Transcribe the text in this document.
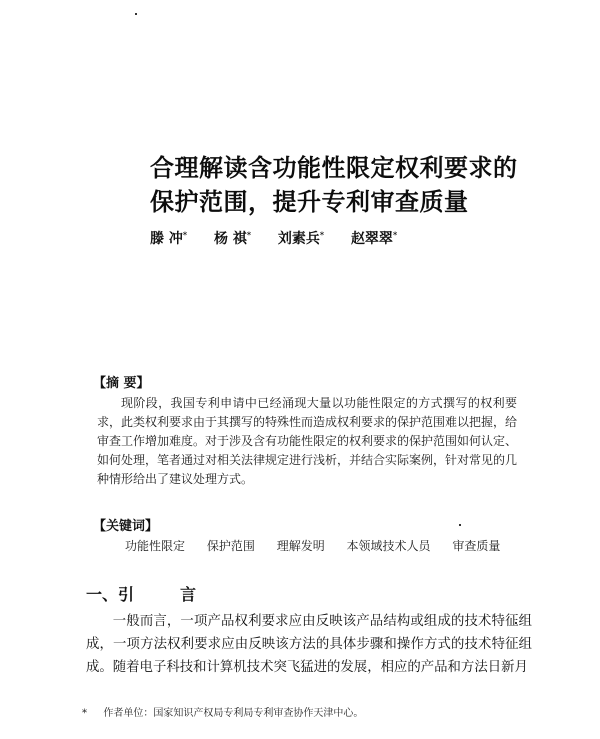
合理解读含功能性限定权利要求的
保护范围，提升专利审查质量
滕 冲* 杨 祺* 刘素兵* 赵翠翠*
【摘 要】
现阶段，我国专利申请中已经涌现大量以功能性限定的方式撰写的权利要求，此类权利要求由于其撰写的特殊性而造成权利要求的保护范围难以把握，给审查工作增加难度。对于涉及含有功能性限定的权利要求的保护范围如何认定、如何处理，笔者通过对相关法律规定进行浅析，并结合实际案例，针对常见的几种情形给出了建议处理方式。
【关键词】
功能性限定 保护范围 理解发明 本领域技术人员 审查质量
一、引	言

一般而言，一项产品权利要求应由反映该产品结构或组成的技术特征组成，一项方法权利要求应由反映该方法的具体步骤和操作方式的技术特征组成。随着电子科技和计算机技术突飞猛进的发展，相应的产品和方法日新月

* 作者单位：国家知识产权局专利局专利审查协作天津中心。
